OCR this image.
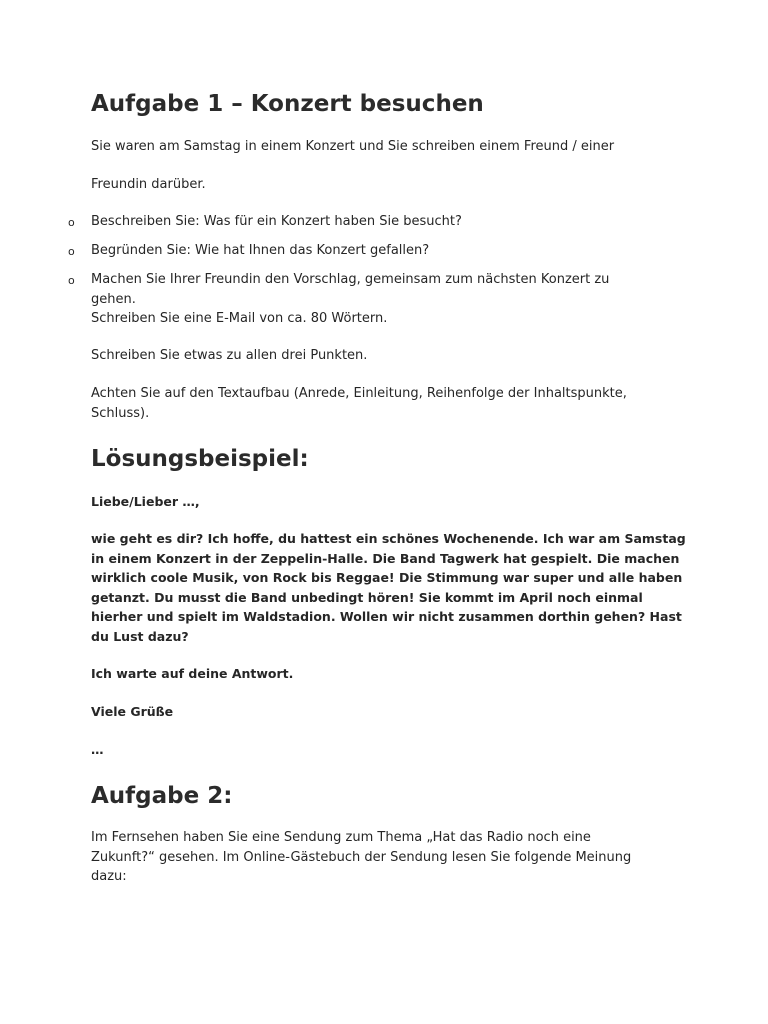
Aufgabe 1 – Konzert besuchen
Sie waren am Samstag in einem Konzert und Sie schreiben einem Freund / einer
Freundin darüber.
o Beschreiben Sie: Was für ein Konzert haben Sie besucht?
o Begründen Sie: Wie hat Ihnen das Konzert gefallen?
o Machen Sie Ihrer Freundin den Vorschlag, gemeinsam zum nächsten Konzert zu gehen.
Schreiben Sie eine E-Mail von ca. 80 Wörtern.
Schreiben Sie etwas zu allen drei Punkten.
Achten Sie auf den Textaufbau (Anrede, Einleitung, Reihenfolge der Inhaltspunkte, Schluss).
Lösungsbeispiel:
Liebe/Lieber …,
wie geht es dir? Ich hoffe, du hattest ein schönes Wochenende. Ich war am Samstag in einem Konzert in der Zeppelin-Halle. Die Band Tagwerk hat gespielt. Die machen wirklich coole Musik, von Rock bis Reggae! Die Stimmung war super und alle haben getanzt. Du musst die Band unbedingt hören! Sie kommt im April noch einmal hierher und spielt im Waldstadion. Wollen wir nicht zusammen dorthin gehen? Hast du Lust dazu?
Ich warte auf deine Antwort.
Viele Grüße
…
Aufgabe 2:
Im Fernsehen haben Sie eine Sendung zum Thema „Hat das Radio noch eine Zukunft?“ gesehen. Im Online-Gästebuch der Sendung lesen Sie folgende Meinung dazu:
